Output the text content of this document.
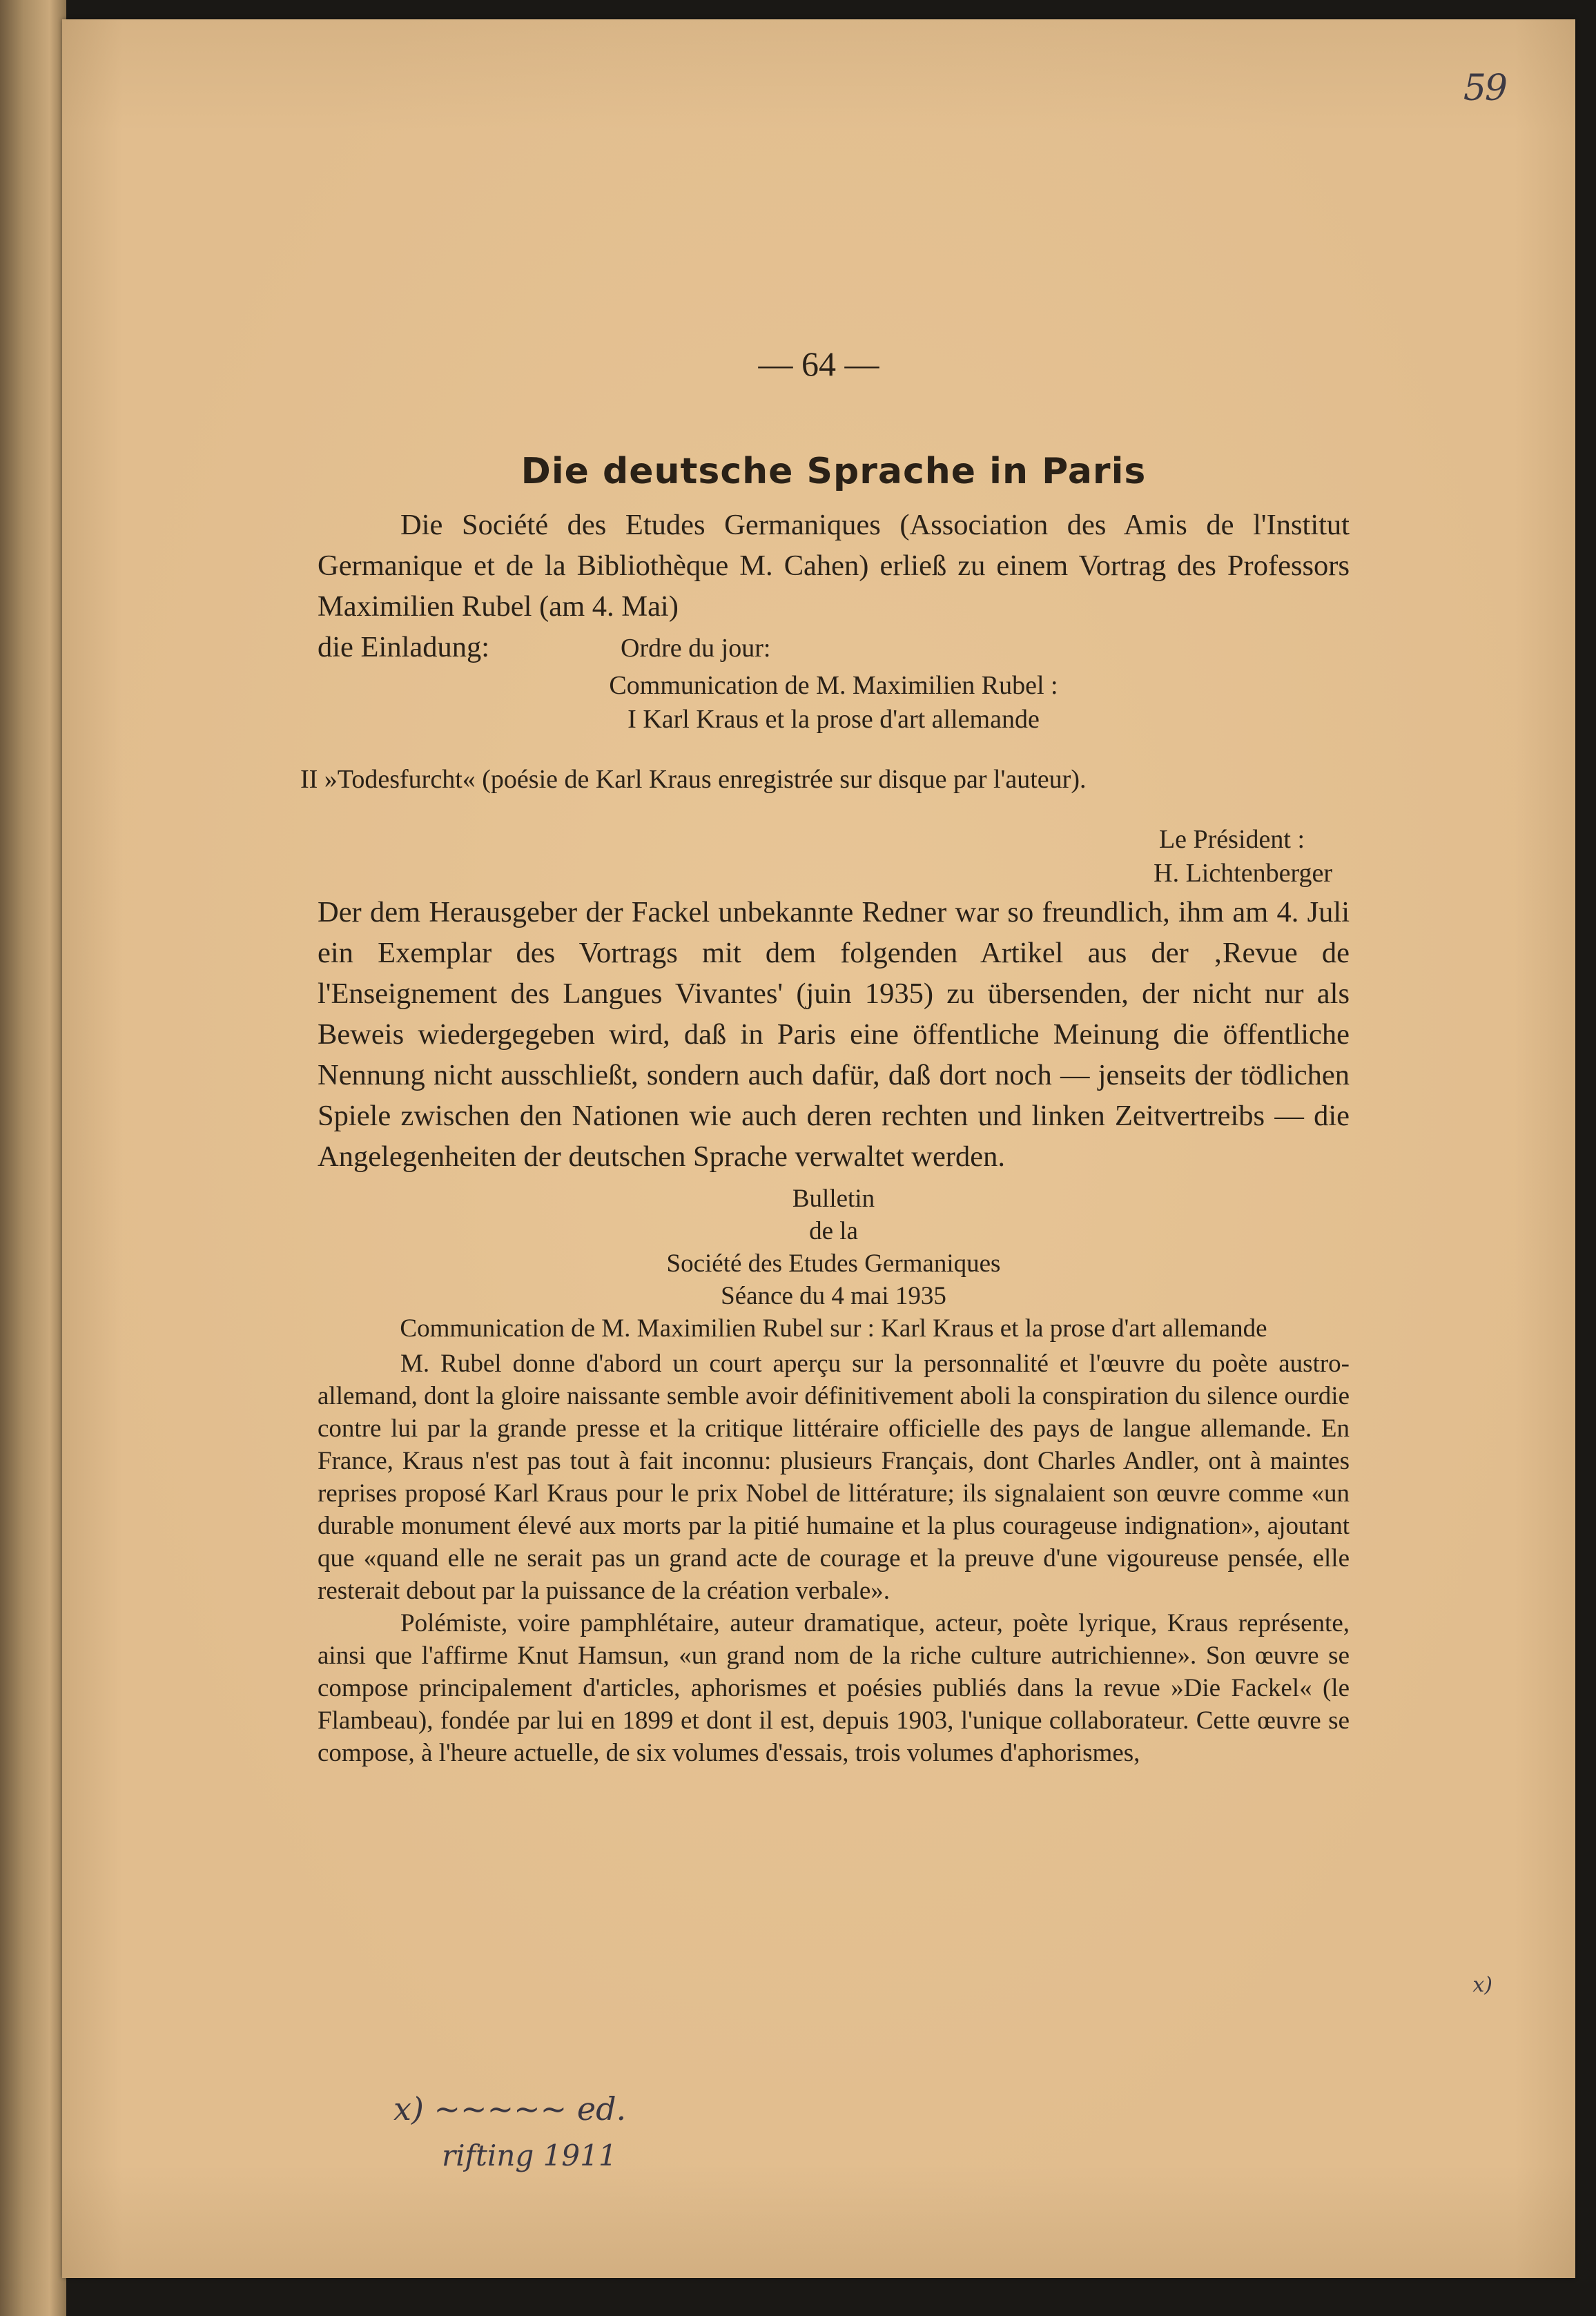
59
— 64 —
Die deutsche Sprache in Paris

Die Société des Etudes Germaniques (Association des Amis de l'Institut Germanique et de la Bibliothèque M. Cahen) erließ zu einem Vortrag des Professors Maximilien Rubel (am 4. Mai)

die Einladung:	Ordre du jour:

Communication de M. Maximilien Rubel :

I Karl Kraus et la prose d'art allemande

II »Todesfurcht« (poésie de Karl Kraus enregistrée sur disque par l'auteur).

Le Président :

H. Lichtenberger

Der dem Herausgeber der Fackel unbekannte Redner war so freundlich, ihm am 4. Juli ein Exemplar des Vortrags mit dem folgenden Artikel aus der ‚Revue de l'Enseignement des Langues Vivantes' (juin 1935) zu übersenden, der nicht nur als Beweis wiedergegeben wird, daß in Paris eine öffentliche Meinung die öffentliche Nennung nicht ausschließt, sondern auch dafür, daß dort noch — jenseits der tödlichen Spiele zwischen den Nationen wie auch deren rechten und linken Zeitvertreibs — die Angelegenheiten der deutschen Sprache verwaltet werden.

Bulletin

de la

Société des Etudes Germaniques

Séance du 4 mai 1935

Communication de M. Maximilien Rubel sur : Karl Kraus et la prose d'art allemande

M. Rubel donne d'abord un court aperçu sur la personnalité et l'œuvre du poète austro-allemand, dont la gloire naissante semble avoir définitivement aboli la conspiration du silence ourdie contre lui par la grande presse et la critique littéraire officielle des pays de langue allemande. En France, Kraus n'est pas tout à fait inconnu: plusieurs Français, dont Charles Andler, ont à maintes reprises proposé Karl Kraus pour le prix Nobel de littérature; ils signalaient son œuvre comme «un durable monument élevé aux morts par la pitié humaine et la plus courageuse indignation», ajoutant que «quand elle ne serait pas un grand acte de courage et la preuve d'une vigoureuse pensée, elle resterait debout par la puissance de la création verbale».

Polémiste, voire pamphlétaire, auteur dramatique, acteur, poète lyrique, Kraus représente, ainsi que l'affirme Knut Hamsun, «un grand nom de la riche culture autrichienne». Son œuvre se compose principalement d'articles, aphorismes et poésies publiés dans la revue »Die Fackel« (le Flambeau), fondée par lui en 1899 et dont il est, depuis 1903, l'unique collaborateur. Cette œuvre se compose, à l'heure actuelle, de six volumes d'essais, trois volumes d'aphorismes,

x)
x) ~~~~~ ed.
rifting 1911
